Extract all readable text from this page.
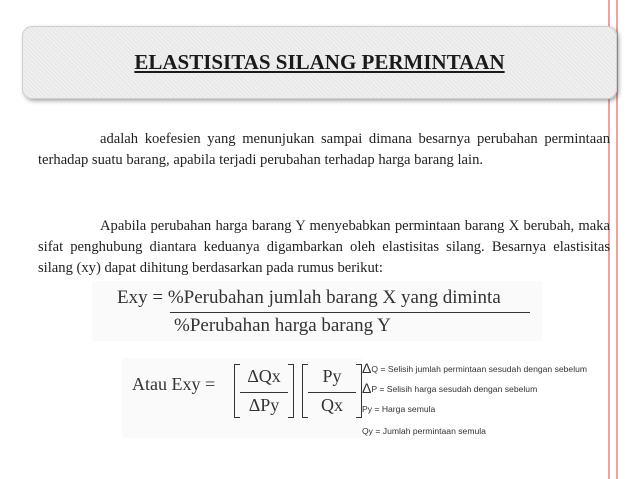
ELASTISITAS SILANG PERMINTAAN

adalah koefesien yang menunjukan sampai dimana besarnya perubahan permintaan terhadap suatu barang, apabila terjadi perubahan terhadap harga barang lain.

Apabila perubahan harga barang Y menyebabkan permintaan barang X berubah, maka sifat penghubung diantara keduanya digambarkan oleh elastisitas silang. Besarnya elastisitas silang (xy) dapat dihitung berdasarkan pada rumus berikut:

Exy = %Perubahan jumlah barang X yang diminta
%Perubahan harga barang Y
Atau Exy =	ΔQx
ΔPy
Py
Qx
ΔQ = Selisih jumlah permintaan sesudah dengan sebelum
ΔP = Selisih harga sesudah dengan sebelum
Py = Harga semula
Qy = Jumlah permintaan semula
